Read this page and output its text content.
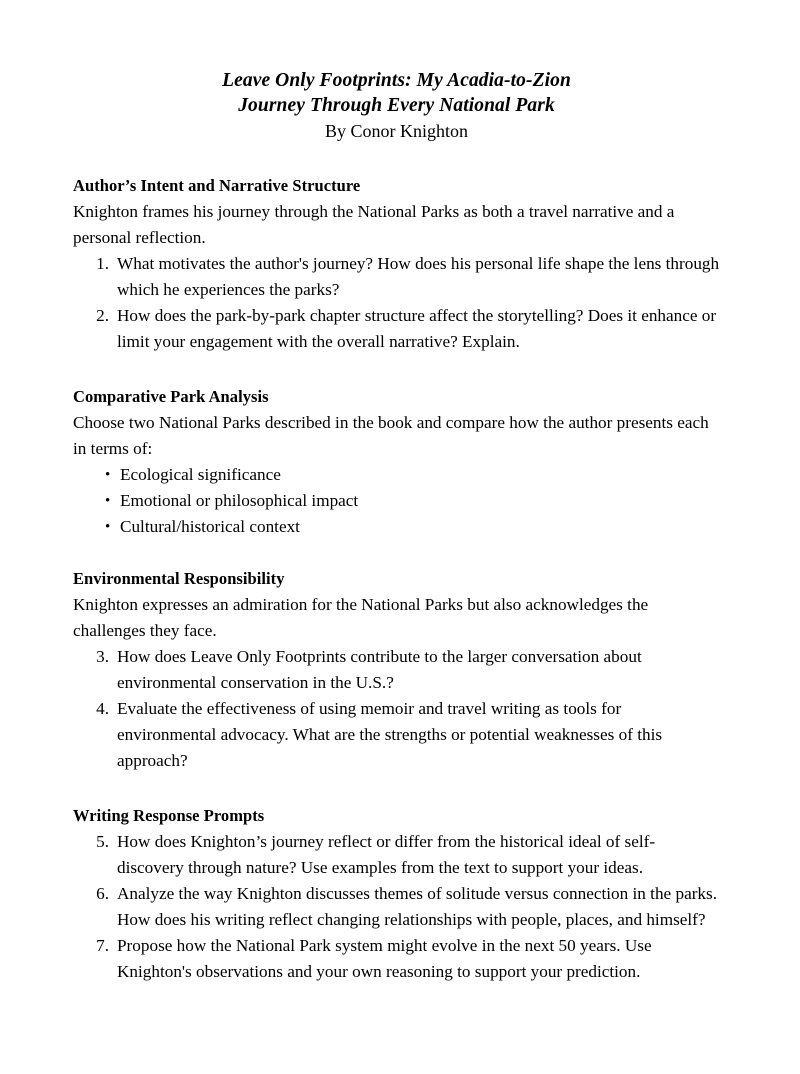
Leave Only Footprints: My Acadia-to-Zion
Journey Through Every National Park
By Conor Knighton
Author’s Intent and Narrative Structure

Knighton frames his journey through the National Parks as both a travel narrative and a personal reflection.

1. What motivates the author's journey? How does his personal life shape the lens through which he experiences the parks?
2. How does the park-by-park chapter structure affect the storytelling? Does it enhance or limit your engagement with the overall narrative? Explain.
Comparative Park Analysis

Choose two National Parks described in the book and compare how the author presents each in terms of:

• Ecological significance
• Emotional or philosophical impact
• Cultural/historical context
Environmental Responsibility

Knighton expresses an admiration for the National Parks but also acknowledges the challenges they face.

3. How does Leave Only Footprints contribute to the larger conversation about environmental conservation in the U.S.?
4. Evaluate the effectiveness of using memoir and travel writing as tools for environmental advocacy. What are the strengths or potential weaknesses of this approach?
Writing Response Prompts
5. How does Knighton’s journey reflect or differ from the historical ideal of self-discovery through nature? Use examples from the text to support your ideas.
6. Analyze the way Knighton discusses themes of solitude versus connection in the parks. How does his writing reflect changing relationships with people, places, and himself?
7. Propose how the National Park system might evolve in the next 50 years. Use Knighton's observations and your own reasoning to support your prediction.
